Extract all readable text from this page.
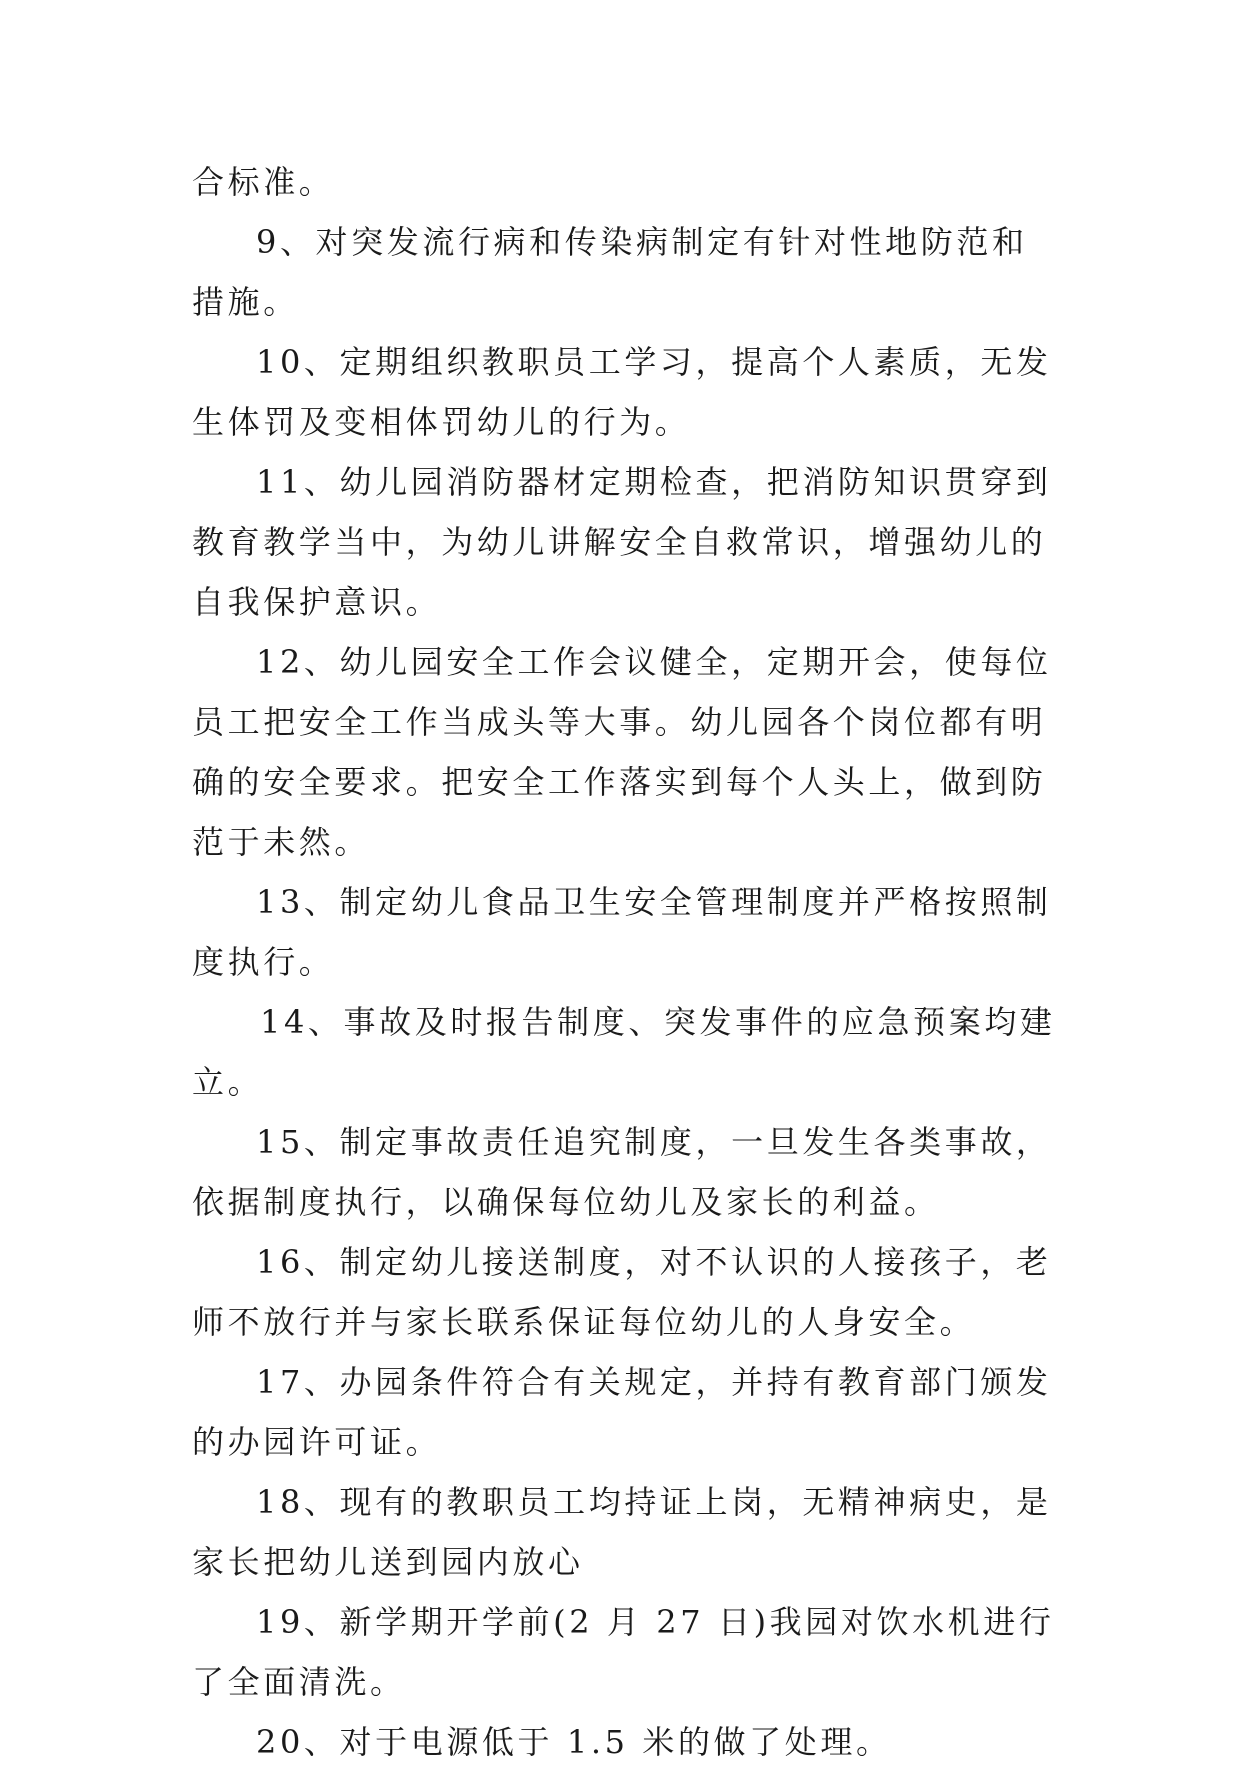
合标准。

9、对突发流行病和传染病制定有针对性地防范和措施。

10、定期组织教职员工学习，提高个人素质，无发生体罚及变相体罚幼儿的行为。

11、幼儿园消防器材定期检查，把消防知识贯穿到教育教学当中，为幼儿讲解安全自救常识，增强幼儿的自我保护意识。

12、幼儿园安全工作会议健全，定期开会，使每位员工把安全工作当成头等大事。幼儿园各个岗位都有明确的安全要求。把安全工作落实到每个人头上，做到防范于未然。

13、制定幼儿食品卫生安全管理制度并严格按照制度执行。

14、事故及时报告制度、突发事件的应急预案均建立。

15、制定事故责任追究制度，一旦发生各类事故，依据制度执行，以确保每位幼儿及家长的利益。

16、制定幼儿接送制度，对不认识的人接孩子，老师不放行并与家长联系保证每位幼儿的人身安全。

17、办园条件符合有关规定，并持有教育部门颁发的办园许可证。

18、现有的教职员工均持证上岗，无精神病史，是家长把幼儿送到园内放心

19、新学期开学前(2 月 27 日)我园对饮水机进行了全面清洗。

20、对于电源低于 1.5 米的做了处理。
